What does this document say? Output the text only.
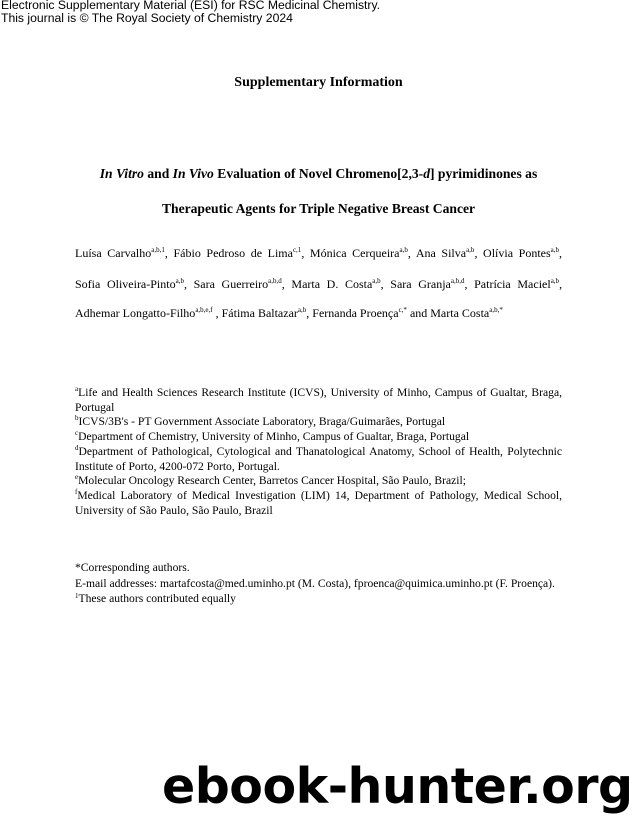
Electronic Supplementary Material (ESI) for RSC Medicinal Chemistry.
This journal is © The Royal Society of Chemistry 2024
Supplementary Information
In Vitro and In Vivo Evaluation of Novel Chromeno[2,3-d] pyrimidinones as
Therapeutic Agents for Triple Negative Breast Cancer
Luísa Carvalho$^{a,b,1}$, Fábio Pedroso de Lima$^{c,1}$, Mónica Cerqueira$^{a,b}$, Ana Silva$^{a,b}$, Olívia Pontes$^{a,b}$,
Sofia Oliveira-Pinto$^{a,b}$, Sara Guerreiro$^{a,b,d}$, Marta D. Costa$^{a,b}$, Sara Granja$^{a,b,d}$, Patrícia Maciel$^{a,b}$,
Adhemar Longatto-Filho$^{a,b,e,f}$ , Fátima Baltazar$^{a,b}$, Fernanda Proença$^{c,*}$ and Marta Costa$^{a,b,*}$
$^a$Life and Health Sciences Research Institute (ICVS), University of Minho, Campus of Gualtar, Braga,
Portugal
$^b$ICVS/3B's - PT Government Associate Laboratory, Braga/Guimarães, Portugal
$^c$Department of Chemistry, University of Minho, Campus of Gualtar, Braga, Portugal
$^d$Department of Pathological, Cytological and Thanatological Anatomy, School of Health, Polytechnic
Institute of Porto, 4200-072 Porto, Portugal.
$^e$Molecular Oncology Research Center, Barretos Cancer Hospital, São Paulo, Brazil;
$^f$Medical Laboratory of Medical Investigation (LIM) 14, Department of Pathology, Medical School,
University of São Paulo, São Paulo, Brazil
*Corresponding authors.
E-mail addresses: martafcosta@med.uminho.pt (M. Costa), fproenca@quimica.uminho.pt (F. Proença).
$^1$These authors contributed equally
ebook-hunter.org
